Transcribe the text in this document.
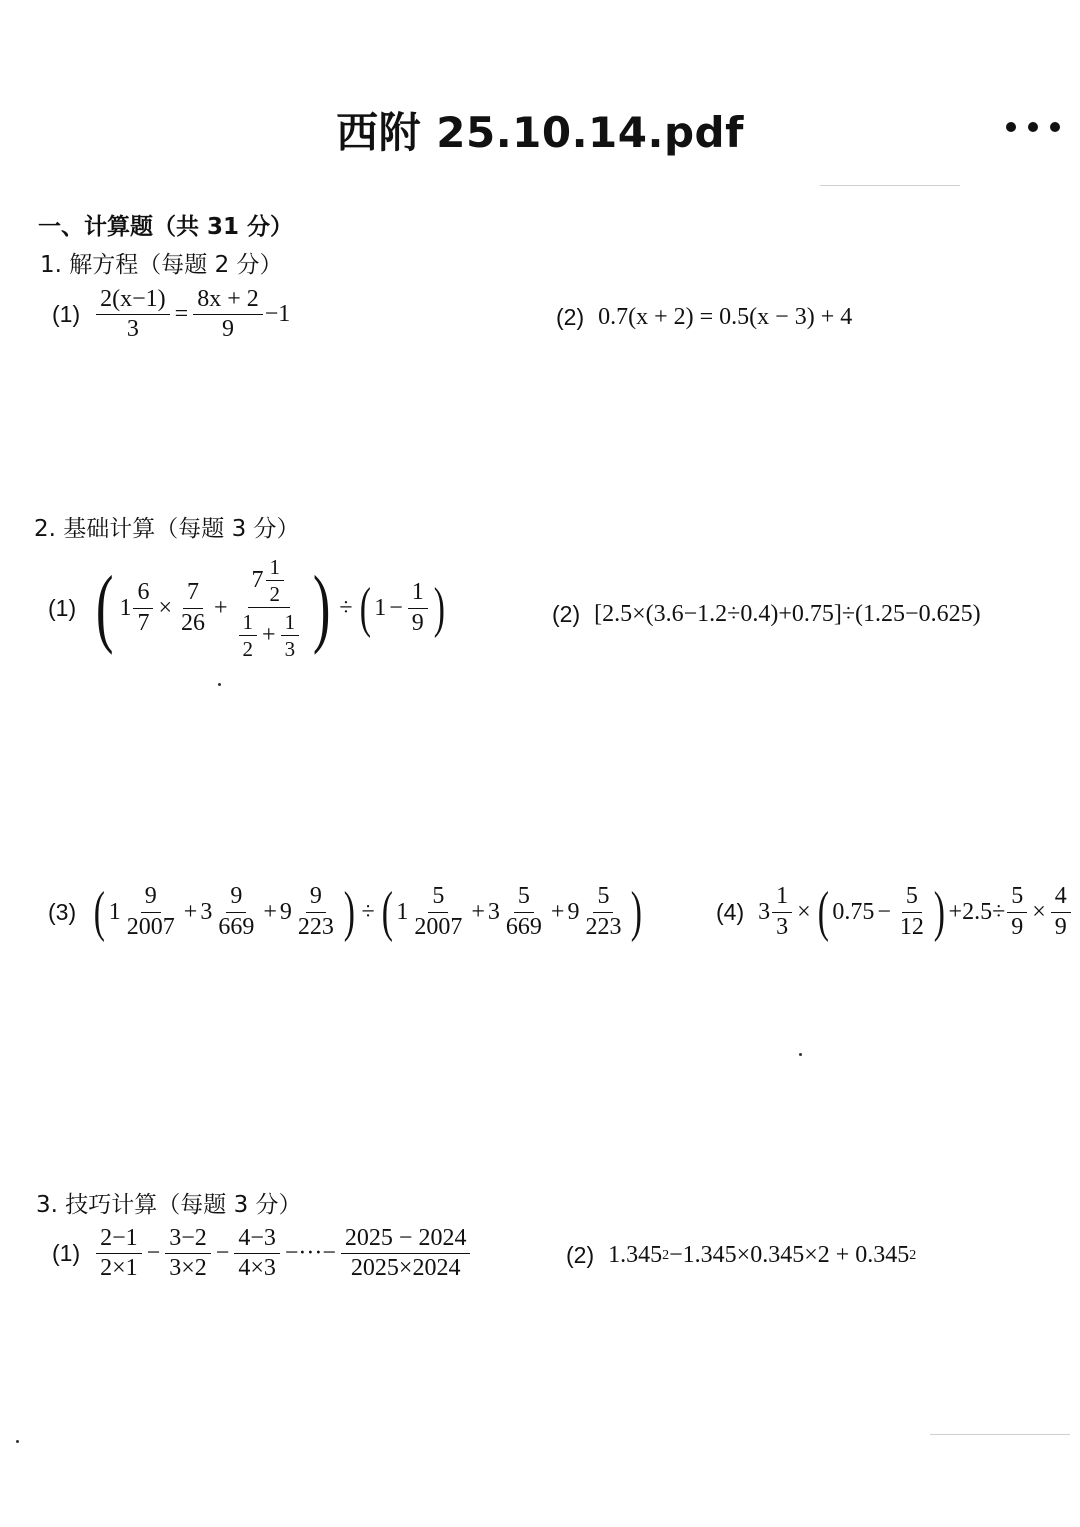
西附 25.10.14.pdf
一、计算题（共 31 分）
1. 解方程（每题 2 分）
$(1) \frac{2(x-1)}{3} = \frac{8x + 2}{9} -1$	(2) 0.7(x + 2) = 0.5(x − 3) + 4
2. 基础计算（每题 3 分）
(1) ( $1 \frac{6}{7} \times \frac{7}{26} + \frac{7 \frac{1}{2}}{\frac{1}{2} + \frac{1}{3}}$ ) ÷ ( $1 - \frac{1}{9}$ )	(2) [2.5×(3.6−1.2÷0.4)+0.75]÷(1.25−0.625)
(3) ( $1 \frac{9}{2007} + 3 \frac{9}{669} + 9 \frac{9}{223}$ ) ÷ ( $1 \frac{5}{2007} + 3 \frac{5}{669} + 9 \frac{5}{223}$ )	(4) $3 \frac{1}{3}$ × ( $0.75 - \frac{5}{12}$ ) $+2.5\div \frac{5}{9} \times \frac{4}{9}$
3. 技巧计算（每题 3 分）
$(1) \frac{2-1}{2\times 1} - \frac{3-2}{3\times 2} - \frac{4-3}{4\times 3}$ −···− $\frac{2025 - 2024}{2025\times 2024}$	(2) 1.345 2 −1.345×0.345×2 + 0.345 2
